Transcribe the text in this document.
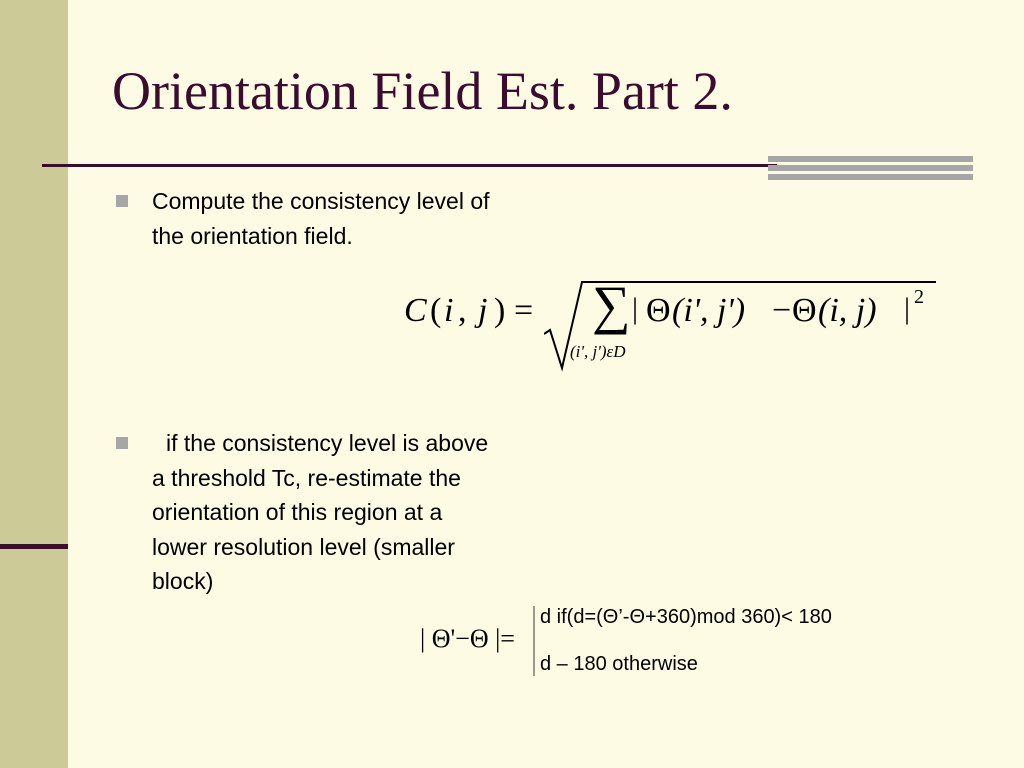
Orientation Field Est. Part 2.
Compute the consistency level of the orientation field.
C ( i , j ) = ∑
(i', j')εD
| Θ (i', j') − Θ (i, j) | 2
if the consistency level is above a threshold Tc, re-estimate the orientation of this region at a lower resolution level (smaller block)
| Θ'−Θ |=
d if(d=(Θ’-Θ+360)mod 360)< 180
d – 180 otherwise
